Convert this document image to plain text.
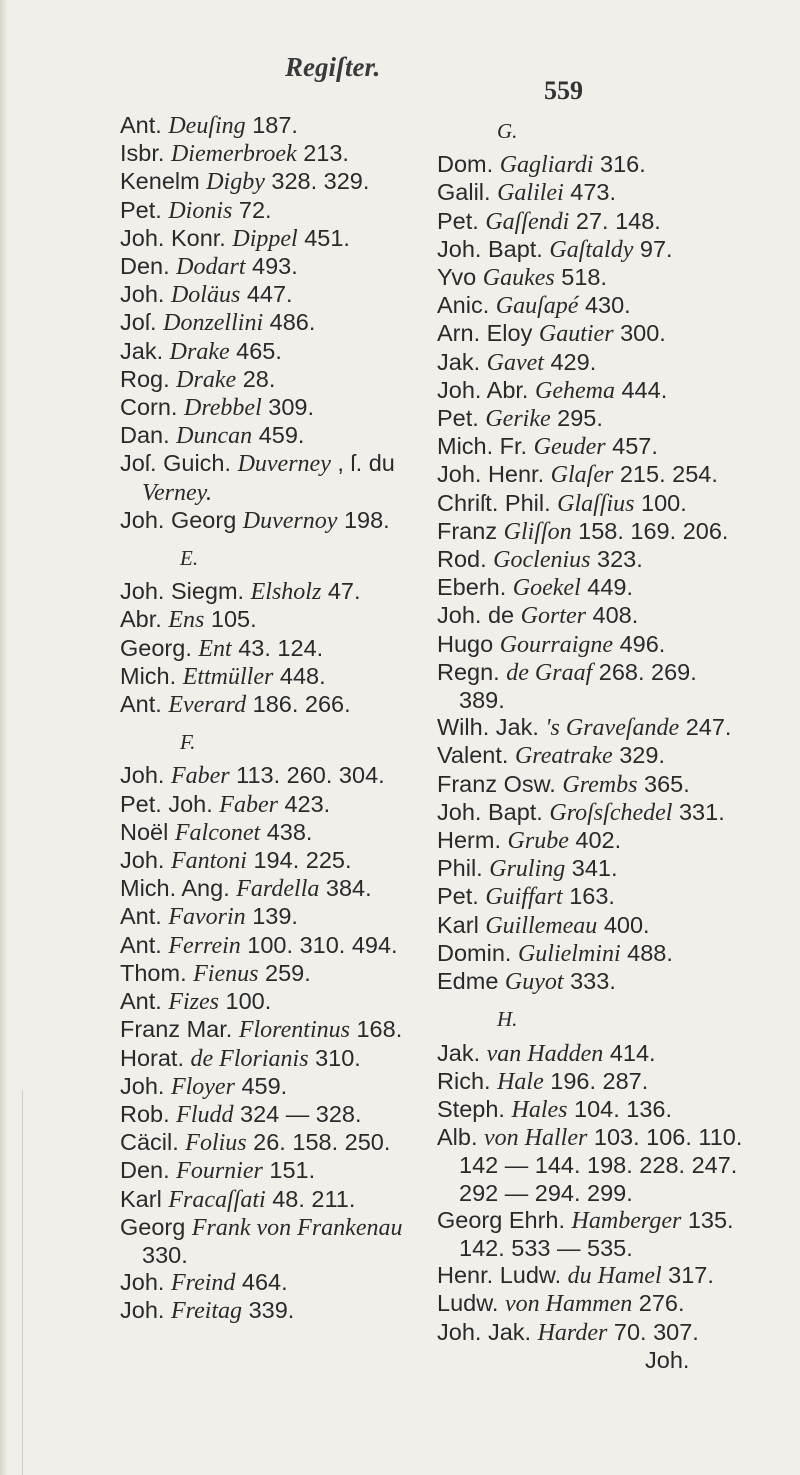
Regiſter.
559
Ant. Deuſing 187.
Isbr. Diemerbroek 213.
Kenelm Digby 328. 329.
Pet. Dionis 72.
Joh. Konr. Dippel 451.
Den. Dodart 493.
Joh. Doläus 447.
Joſ. Donzellini 486.
Jak. Drake 465.
Rog. Drake 28.
Corn. Drebbel 309.
Dan. Duncan 459.
Joſ. Guich. Duverney , ſ. du
Verney.
Joh. Georg Duvernoy 198.
E.
Joh. Siegm. Elsholz 47.
Abr. Ens 105.
Georg. Ent 43. 124.
Mich. Ettmüller 448.
Ant. Everard 186. 266.
F.
Joh. Faber 113. 260. 304.
Pet. Joh. Faber 423.
Noël Falconet 438.
Joh. Fantoni 194. 225.
Mich. Ang. Fardella 384.
Ant. Favorin 139.
Ant. Ferrein 100. 310. 494.
Thom. Fienus 259.
Ant. Fizes 100.
Franz Mar. Florentinus 168.
Horat. de Florianis 310.
Joh. Floyer 459.
Rob. Fludd 324 — 328.
Cäcil. Folius 26. 158. 250.
Den. Fournier 151.
Karl Fracaſſati 48. 211.
Georg Frank von Frankenau
330.
Joh. Freind 464.
Joh. Freitag 339.
G.
Dom. Gagliardi 316.
Galil. Galilei 473.
Pet. Gaſſendi 27. 148.
Joh. Bapt. Gaſtaldy 97.
Yvo Gaukes 518.
Anic. Gauſapé 430.
Arn. Eloy Gautier 300.
Jak. Gavet 429.
Joh. Abr. Gehema 444.
Pet. Gerike 295.
Mich. Fr. Geuder 457.
Joh. Henr. Glaſer 215. 254.
Chriſt. Phil. Glaſſius 100.
Franz Gliſſon 158. 169. 206.
Rod. Goclenius 323.
Eberh. Goekel 449.
Joh. de Gorter 408.
Hugo Gourraigne 496.
Regn. de Graaf 268. 269.
389.
Wilh. Jak. 's Graveſande 247.
Valent. Greatrake 329.
Franz Osw. Grembs 365.
Joh. Bapt. Groſsſchedel 331.
Herm. Grube 402.
Phil. Gruling 341.
Pet. Guiffart 163.
Karl Guillemeau 400.
Domin. Gulielmini 488.
Edme Guyot 333.
H.
Jak. van Hadden 414.
Rich. Hale 196. 287.
Steph. Hales 104. 136.
Alb. von Haller 103. 106. 110.
142 — 144. 198. 228. 247.
292 — 294. 299.
Georg Ehrh. Hamberger 135.
142. 533 — 535.
Henr. Ludw. du Hamel 317.
Ludw. von Hammen 276.
Joh. Jak. Harder 70. 307.
Joh.
